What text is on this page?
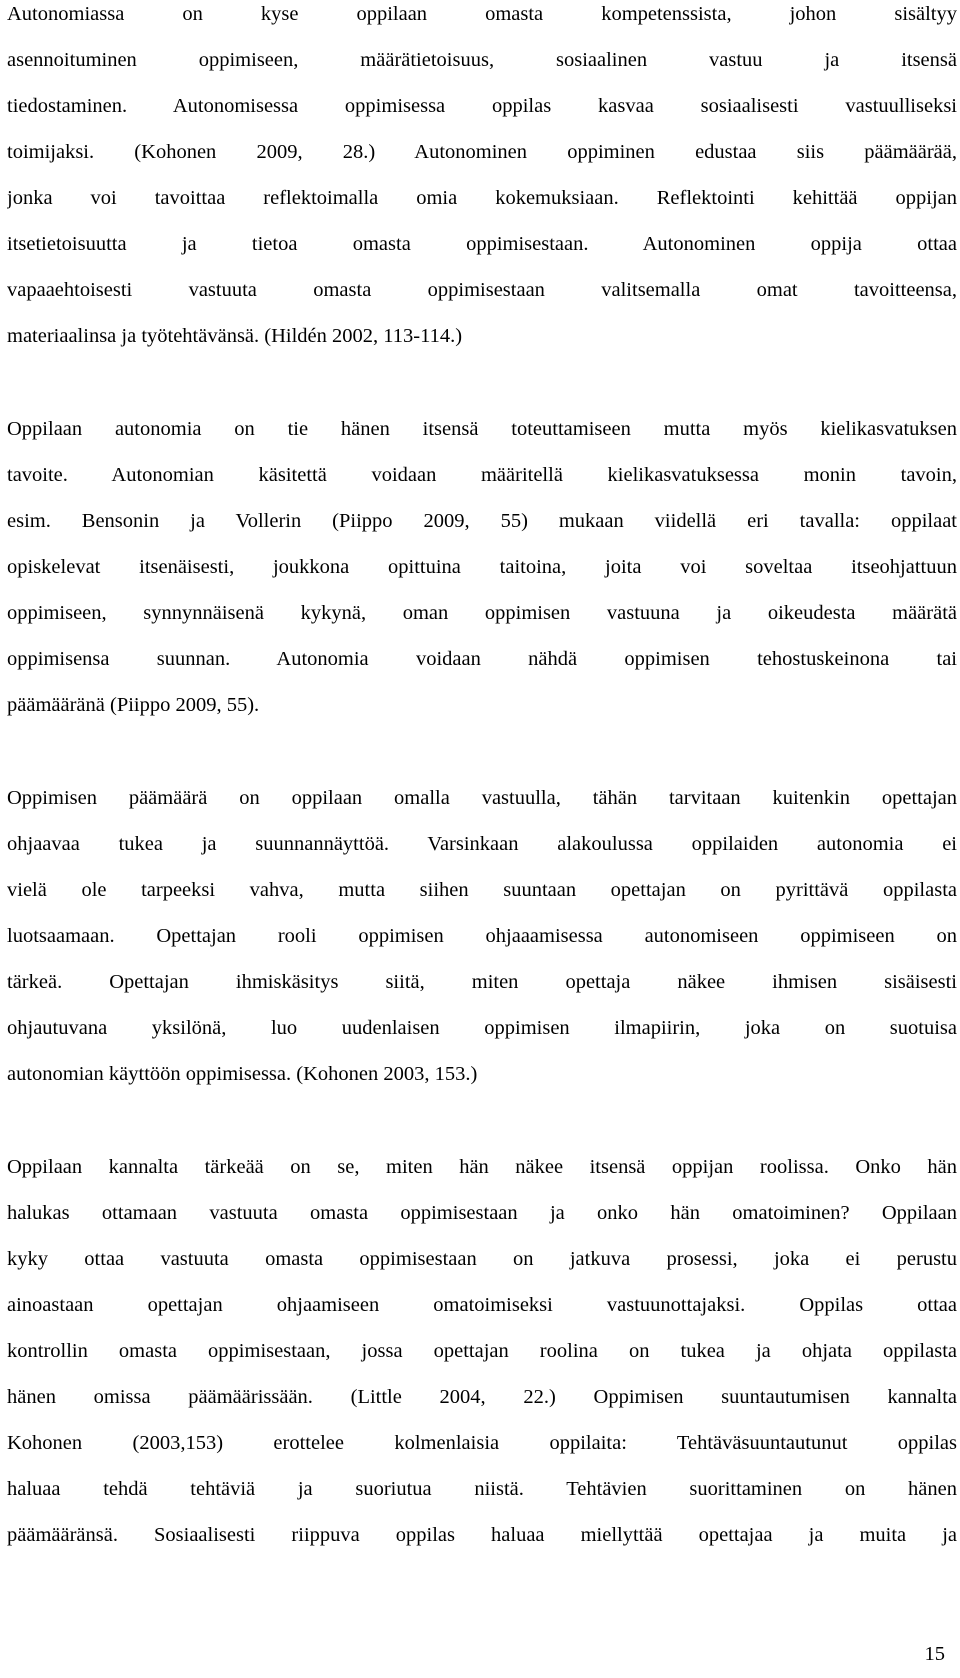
Autonomiassa on kyse oppilaan omasta kompetenssista, johon sisältyy
asennoituminen oppimiseen, määrätietoisuus, sosiaalinen vastuu ja itsensä
tiedostaminen. Autonomisessa oppimisessa oppilas kasvaa sosiaalisesti vastuulliseksi
toimijaksi. (Kohonen 2009, 28.) Autonominen oppiminen edustaa siis päämäärää,
jonka voi tavoittaa reflektoimalla omia kokemuksiaan. Reflektointi kehittää oppijan
itsetietoisuutta ja tietoa omasta oppimisestaan. Autonominen oppija ottaa
vapaaehtoisesti vastuuta omasta oppimisestaan valitsemalla omat tavoitteensa,
materiaalinsa ja työtehtävänsä. (Hildén 2002, 113-114.)
Oppilaan autonomia on tie hänen itsensä toteuttamiseen mutta myös kielikasvatuksen
tavoite. Autonomian käsitettä voidaan määritellä kielikasvatuksessa monin tavoin,
esim. Bensonin ja Vollerin (Piippo 2009, 55) mukaan viidellä eri tavalla: oppilaat
opiskelevat itsenäisesti, joukkona opittuina taitoina, joita voi soveltaa itseohjattuun
oppimiseen, synnynnäisenä kykynä, oman oppimisen vastuuna ja oikeudesta määrätä
oppimisensa suunnan. Autonomia voidaan nähdä oppimisen tehostuskeinona tai
päämääränä (Piippo 2009, 55).
Oppimisen päämäärä on oppilaan omalla vastuulla, tähän tarvitaan kuitenkin opettajan
ohjaavaa tukea ja suunnannäyttöä. Varsinkaan alakoulussa oppilaiden autonomia ei
vielä ole tarpeeksi vahva, mutta siihen suuntaan opettajan on pyrittävä oppilasta
luotsaamaan. Opettajan rooli oppimisen ohjaaamisessa autonomiseen oppimiseen on
tärkeä. Opettajan ihmiskäsitys siitä, miten opettaja näkee ihmisen sisäisesti
ohjautuvana yksilönä, luo uudenlaisen oppimisen ilmapiirin, joka on suotuisa
autonomian käyttöön oppimisessa. (Kohonen 2003, 153.)
Oppilaan kannalta tärkeää on se, miten hän näkee itsensä oppijan roolissa. Onko hän
halukas ottamaan vastuuta omasta oppimisestaan ja onko hän omatoiminen? Oppilaan
kyky ottaa vastuuta omasta oppimisestaan on jatkuva prosessi, joka ei perustu
ainoastaan opettajan ohjaamiseen omatoimiseksi vastuunottajaksi. Oppilas ottaa
kontrollin omasta oppimisestaan, jossa opettajan roolina on tukea ja ohjata oppilasta
hänen omissa päämäärissään. (Little 2004, 22.) Oppimisen suuntautumisen kannalta
Kohonen (2003,153) erottelee kolmenlaisia oppilaita: Tehtäväsuuntautunut oppilas
haluaa tehdä tehtäviä ja suoriutua niistä. Tehtävien suorittaminen on hänen
päämääränsä. Sosiaalisesti riippuva oppilas haluaa miellyttää opettajaa ja muita ja
15
